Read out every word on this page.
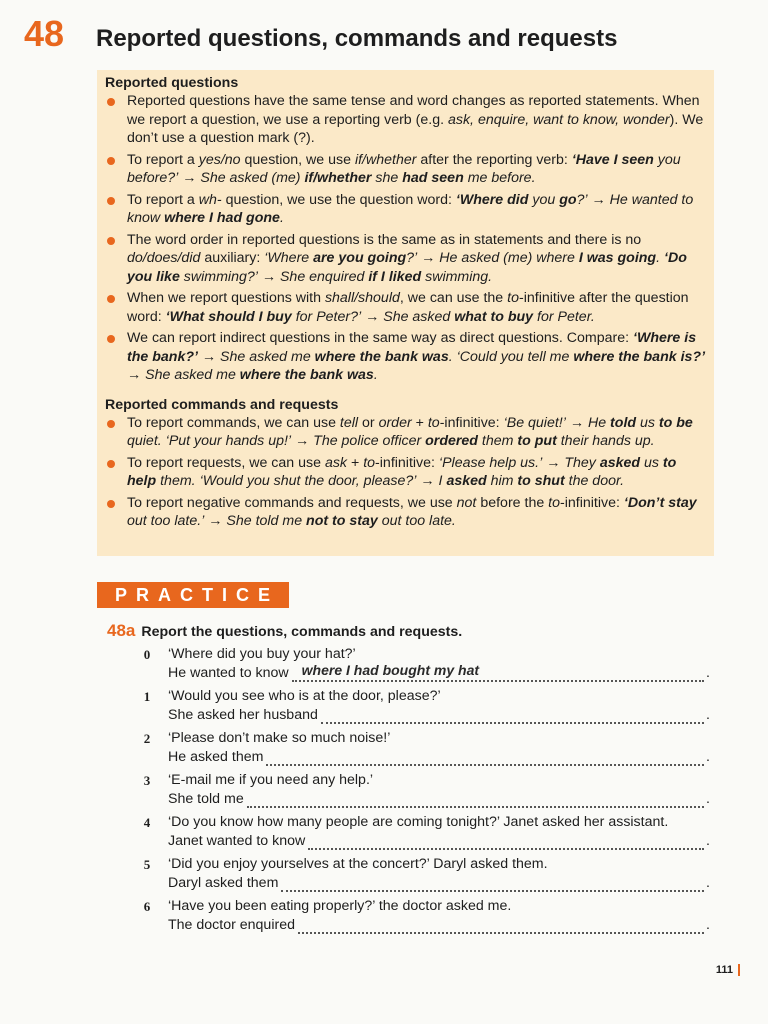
48 Reported questions, commands and requests
Reported questions
Reported questions have the same tense and word changes as reported statements. When we report a question, we use a reporting verb (e.g. ask, enquire, want to know, wonder). We don’t use a question mark (?).
To report a yes/no question, we use if/whether after the reporting verb: ‘Have I seen you before?’ → She asked (me) if/whether she had seen me before.
To report a wh- question, we use the question word: ‘Where did you go?’ → He wanted to know where I had gone.
The word order in reported questions is the same as in statements and there is no do/does/did auxiliary: ‘Where are you going?’ → He asked (me) where I was going. ‘Do you like swimming?’ → She enquired if I liked swimming.
When we report questions with shall/should, we can use the to-infinitive after the question word: ‘What should I buy for Peter?’ → She asked what to buy for Peter.
We can report indirect questions in the same way as direct questions. Compare: ‘Where is the bank?’ → She asked me where the bank was. ‘Could you tell me where the bank is?’ → She asked me where the bank was.
Reported commands and requests
To report commands, we can use tell or order + to-infinitive: ‘Be quiet!’ → He told us to be quiet. ‘Put your hands up!’ → The police officer ordered them to put their hands up.
To report requests, we can use ask + to-infinitive: ‘Please help us.’ → They asked us to help them. ‘Would you shut the door, please?’ → I asked him to shut the door.
To report negative commands and requests, we use not before the to-infinitive: ‘Don’t stay out too late.’ → She told me not to stay out too late.
PRACTICE
48a Report the questions, commands and requests.
0 ‘Where did you buy your hat?’
He wanted to know where I had bought my hat	.
1 ‘Would you see who is at the door, please?’
She asked her husband	.
2 ‘Please don’t make so much noise!’
He asked them	.
3 ‘E-mail me if you need any help.’
She told me	.
4 ‘Do you know how many people are coming tonight?’ Janet asked her assistant.
Janet wanted to know	.
5 ‘Did you enjoy yourselves at the concert?’ Daryl asked them.
Daryl asked them	.
6 ‘Have you been eating properly?’ the doctor asked me.
The doctor enquired	.
111
